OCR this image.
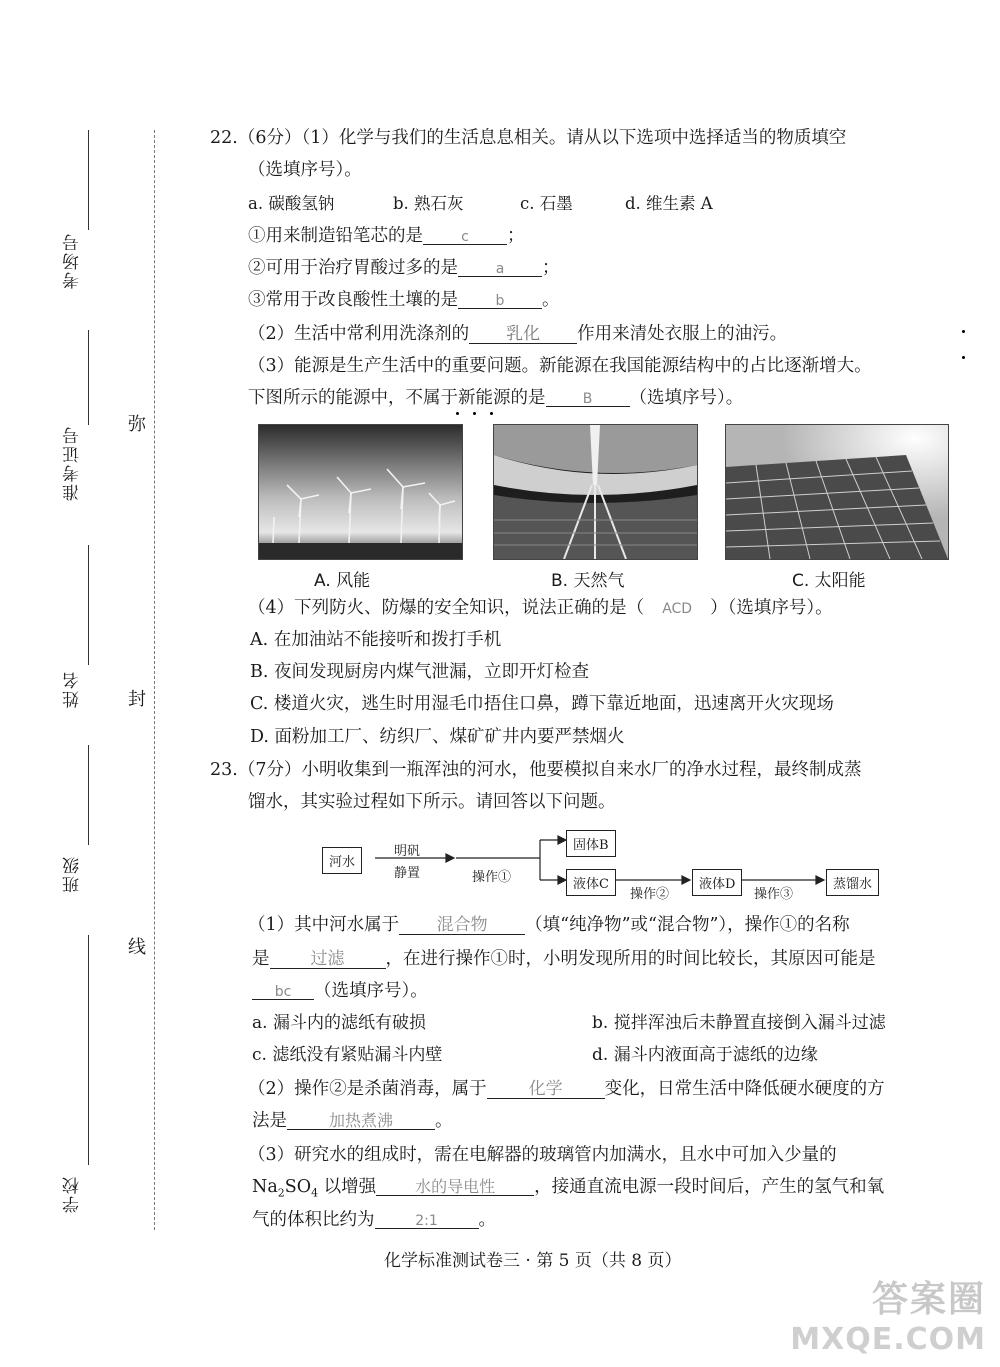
考场号
准考证号
姓名
班级
学校
弥
封
线
22.（6分）（1）化学与我们的生活息息相关。请从以下选项中选择适当的物质填空
（选填序号）。
a. 碳酸氢钠	b. 熟石灰	c. 石墨	d. 维生素 A
①用来制造铅笔芯的是	c ；
②可用于治疗胃酸过多的是	a ；
③常用于改良酸性土壤的是	b 。
（2）生活中常利用洗涤剂的 乳化 作用来清处衣服上的油污。
（3）能源是生产生活中的重要问题。新能源在我国能源结构中的占比逐渐增大。
下图所示的能源中，不属于新能源的是	B （选填序号）。
A. 风能	B. 天然气	C. 太阳能
（4）下列防火、防爆的安全知识，说法正确的是（ ACD ）（选填序号）。
A. 在加油站不能接听和拨打手机
B. 夜间发现厨房内煤气泄漏，立即开灯检查
C. 楼道火灾，逃生时用湿毛巾捂住口鼻，蹲下靠近地面，迅速离开火灾现场
D. 面粉加工厂、纺织厂、煤矿矿井内要严禁烟火
23.（7分）小明收集到一瓶浑浊的河水，他要模拟自来水厂的净水过程，最终制成蒸
馏水，其实验过程如下所示。请回答以下问题。
河水
明矾
静置	操作①
固体B
液体C
操作②
液体D
操作③
蒸馏水
（1）其中河水属于 混合物 （填“纯净物”或“混合物”），操作①的名称
是 过滤 ，在进行操作①时，小明发现所用的时间比较长，其原因可能是
bc （选填序号）。
a. 漏斗内的滤纸有破损	b. 搅拌浑浊后未静置直接倒入漏斗过滤
c. 滤纸没有紧贴漏斗内壁	d. 漏斗内液面高于滤纸的边缘
（2）操作②是杀菌消毒，属于 化学 变化，日常生活中降低硬水硬度的方
法是	加热煮沸 。
（3）研究水的组成时，需在电解器的玻璃管内加满水，且水中可加入少量的
$Na_2SO_4$ 以增强 水的导电性 ，接通直流电源一段时间后，产生的氢气和氧
气的体积比约为	2:1 。
化学标准测试卷三 · 第 5 页（共 8 页）
答案圈
MXQE.COM
